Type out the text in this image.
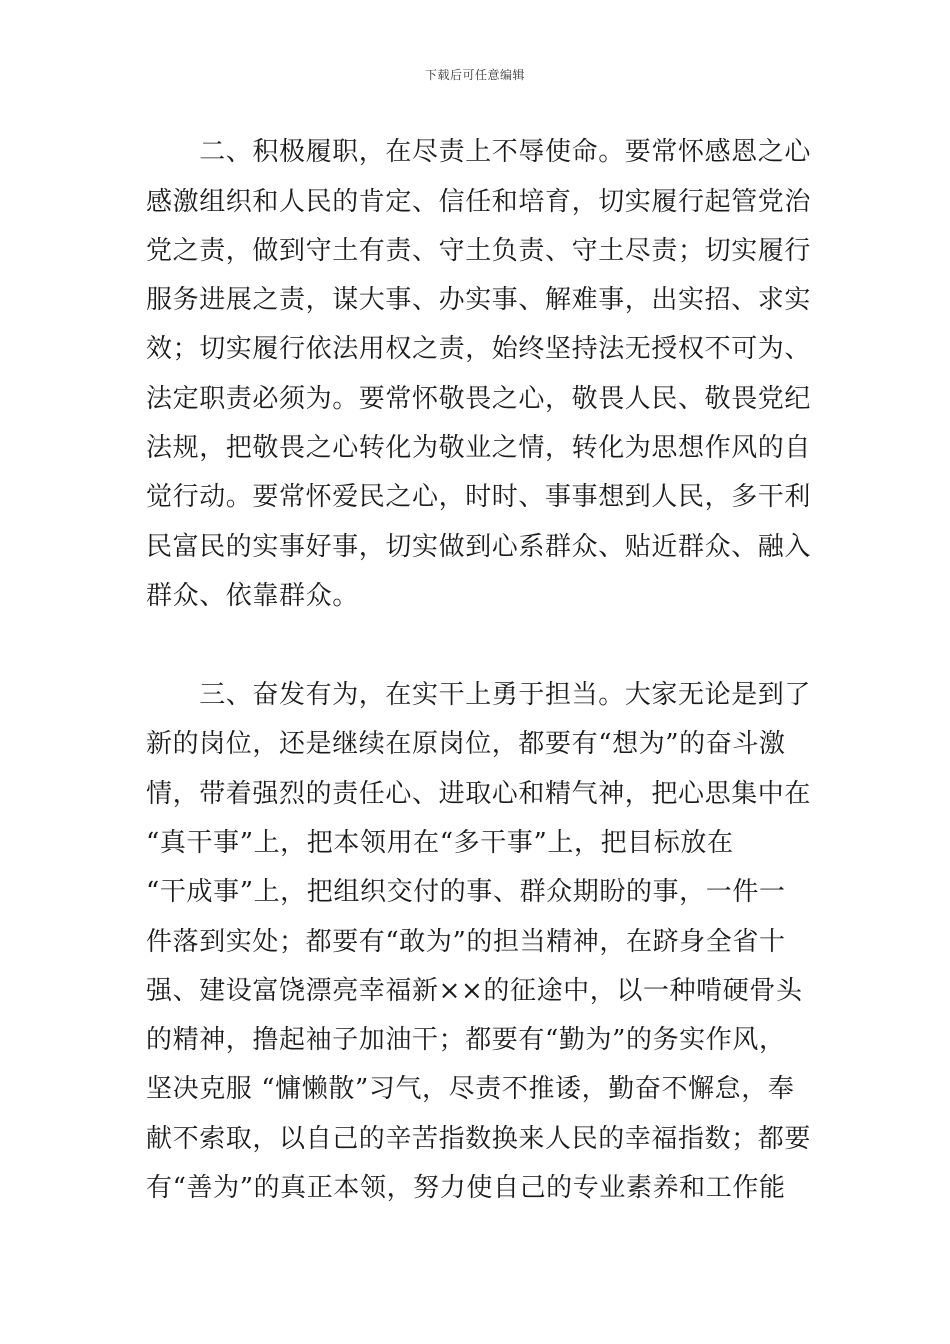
下载后可任意编辑
　　二、积极履职，在尽责上不辱使命。要常怀感恩之心
感激组织和人民的肯定、信任和培育，切实履行起管党治
党之责，做到守土有责、守土负责、守土尽责；切实履行
服务进展之责，谋大事、办实事、解难事，出实招、求实
效；切实履行依法用权之责，始终坚持法无授权不可为、
法定职责必须为。要常怀敬畏之心，敬畏人民、敬畏党纪
法规，把敬畏之心转化为敬业之情，转化为思想作风的自
觉行动。要常怀爱民之心，时时、事事想到人民，多干利
民富民的实事好事，切实做到心系群众、贴近群众、融入
群众、依靠群众。
　　三、奋发有为，在实干上勇于担当。大家无论是到了
新的岗位，还是继续在原岗位，都要有“想为”的奋斗激
情，带着强烈的责任心、进取心和精气神，把心思集中在
“真干事”上，把本领用在“多干事”上，把目标放在
“干成事”上，把组织交付的事、群众期盼的事，一件一
件落到实处；都要有“敢为”的担当精神，在跻身全省十
强、建设富饶漂亮幸福新××的征途中，以一种啃硬骨头
的精神，撸起袖子加油干；都要有“勤为”的务实作风，
坚决克服 “慵懒散”习气，尽责不推诿，勤奋不懈怠，奉
献不索取，以自己的辛苦指数换来人民的幸福指数；都要
有“善为”的真正本领，努力使自己的专业素养和工作能
